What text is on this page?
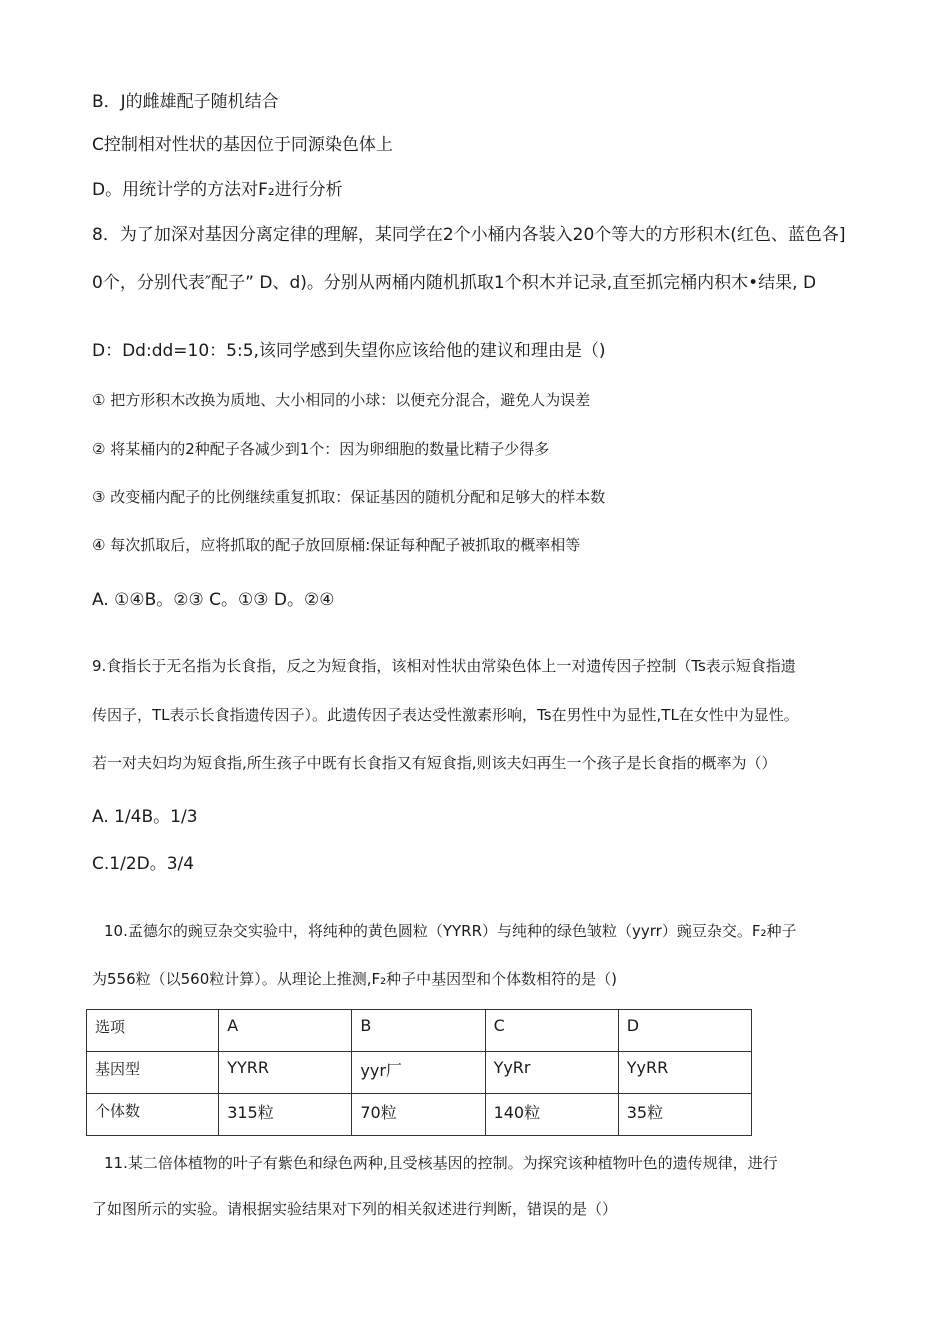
B．J的雌雄配子随机结合
C控制相对性状的基因位于同源染色体上
D。用统计学的方法对F₂进行分析
8．为了加深对基因分离定律的理解，某同学在2个小桶内各装入20个等大的方形积木(红色、蓝色各]
0个，分别代表″配子” D、d)。分别从两桶内随机抓取1个积木并记录,直至抓完桶内积木•结果, D
D：Dd:dd=10：5:5,该同学感到失望你应该给他的建议和理由是（)
① 把方形积木改换为质地、大小相同的小球：以便充分混合，避免人为误差
② 将某桶内的2种配子各减少到1个：因为卵细胞的数量比精子少得多
③ 改变桶内配子的比例继续重复抓取：保证基因的随机分配和足够大的样本数
④ 每次抓取后，应将抓取的配子放回原桶:保证每种配子被抓取的概率相等
A. ①④B。②③ C。①③ D。②④
9.食指长于无名指为长食指，反之为短食指，该相对性状由常染色体上一对遗传因子控制（Ts表示短食指遗
传因子，TL表示长食指遗传因子）。此遗传因子表达受性激素形响，Ts在男性中为显性,TL在女性中为显性。
若一对夫妇均为短食指,所生孩子中既有长食指又有短食指,则该夫妇再生一个孩子是长食指的概率为（）
A. 1/4B。1/3
C.1/2D。3/4
10.孟德尔的豌豆杂交实验中，将纯种的黄色圆粒（YYRR）与纯种的绿色皱粒（yyrr）豌豆杂交。F₂种子
为556粒（以560粒计算）。从理论上推测,F₂种子中基因型和个体数相符的是（)
选项	A	B	C	D
基因型	YYRR	yyr厂	YyRr	YyRR
个体数	315粒	70粒	140粒	35粒
11.某二倍体植物的叶子有紫色和绿色两种,且受核基因的控制。为探究该种植物叶色的遗传规律，进行
了如图所示的实验。请根据实验结果对下列的相关叙述进行判断，错误的是（）
